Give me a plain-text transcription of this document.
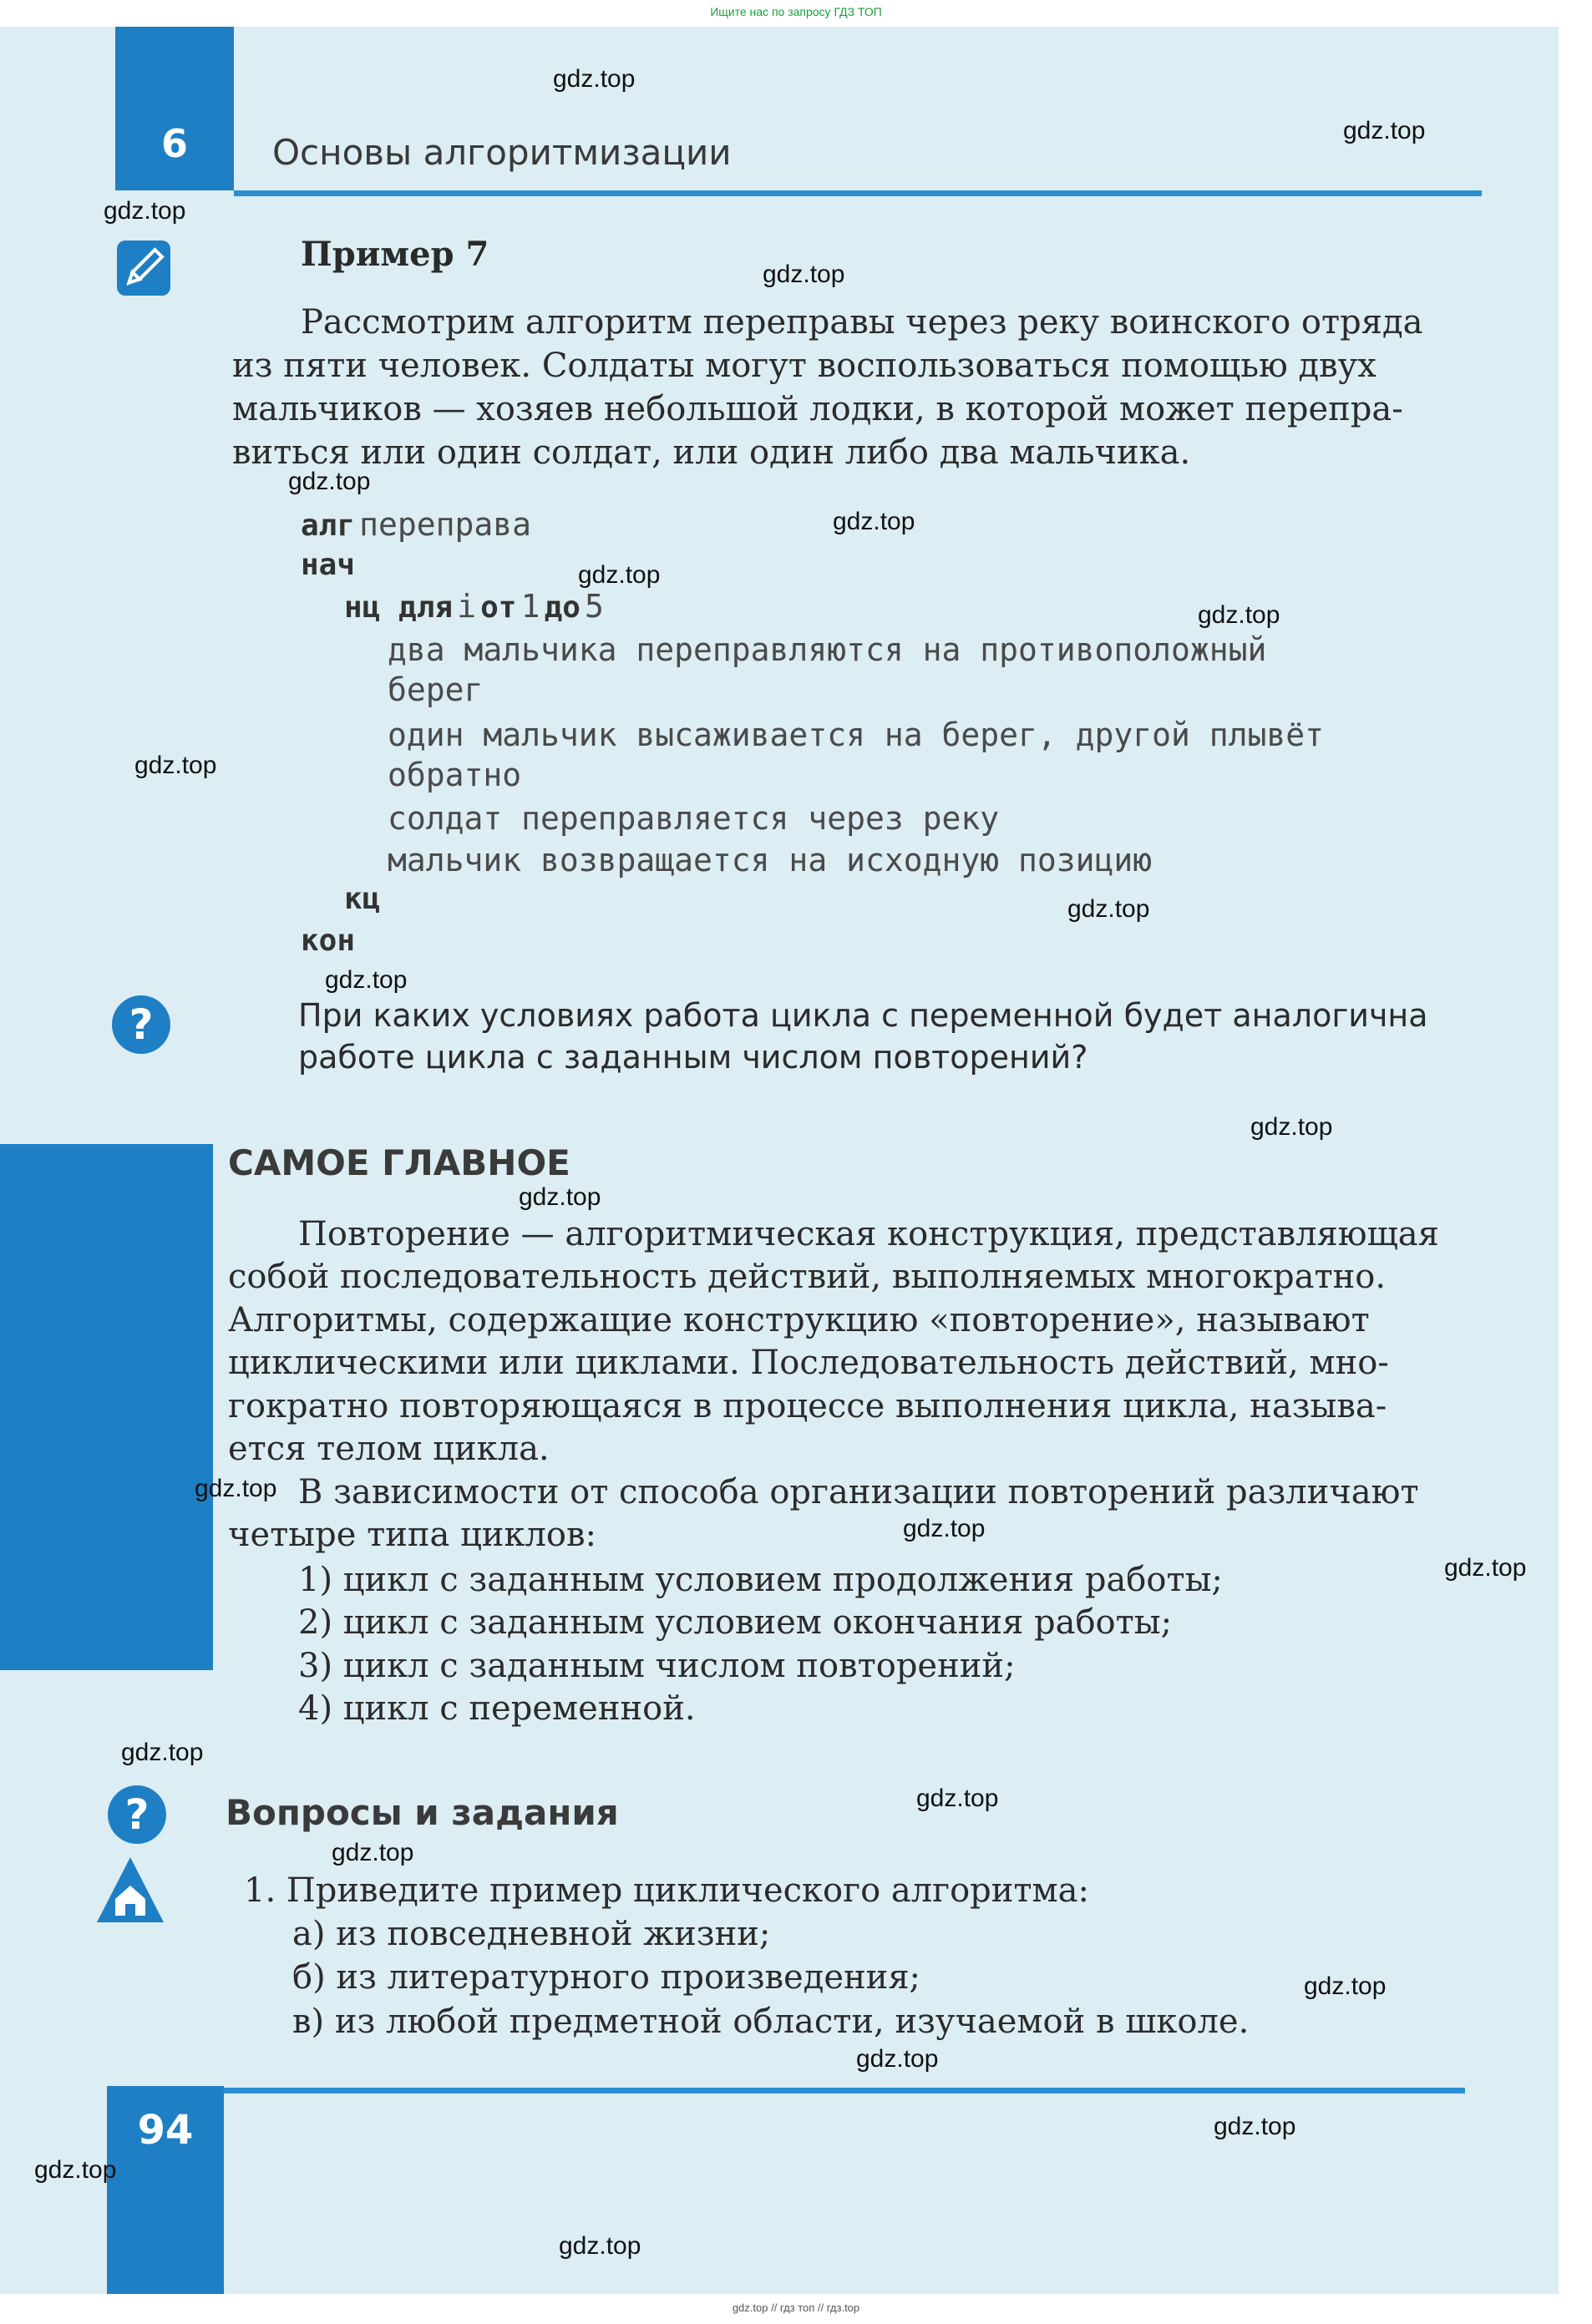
Ищите нас по запросу ГДЗ ТОП
6	Основы алгоритмизации
94
?
?
Пример 7
Рассмотрим алгоритм переправы через реку воинского отряда
из пяти человек. Солдаты могут воспользоваться помощью двух
мальчиков — хозяев небольшой лодки, в которой может перепра-
виться или один солдат, или один либо два мальчика.
алг переправа
нач
нц для i от 1 до 5
два мальчика переправляются на противоположный
берег
один мальчик высаживается на берег, другой плывёт
обратно
солдат переправляется через реку
мальчик возвращается на исходную позицию
кц
кон
При каких условиях работа цикла с переменной будет аналогична
работе цикла с заданным числом повторений?
САМОЕ ГЛАВНОЕ
Повторение — алгоритмическая конструкция, представляющая
собой последовательность действий, выполняемых многократно.
Алгоритмы, содержащие конструкцию «повторение», называют
циклическими или циклами. Последовательность действий, мно-
гократно повторяющаяся в процессе выполнения цикла, называ-
ется телом цикла.
В зависимости от способа организации повторений различают
четыре типа циклов:
1) цикл с заданным условием продолжения работы;
2) цикл с заданным условием окончания работы;
3) цикл с заданным числом повторений;
4) цикл с переменной.
Вопросы и задания
1. Приведите пример циклического алгоритма:
а) из повседневной жизни;
б) из литературного произведения;
в) из любой предметной области, изучаемой в школе.
gdz.top
gdz.top
gdz.top
gdz.top
gdz.top
gdz.top
gdz.top
gdz.top
gdz.top
gdz.top
gdz.top
gdz.top
gdz.top
gdz.top
gdz.top
gdz.top
gdz.top
gdz.top
gdz.top
gdz.top
gdz.top
gdz.top
gdz.top
gdz.top
gdz.top // гдз топ // гдз.top
